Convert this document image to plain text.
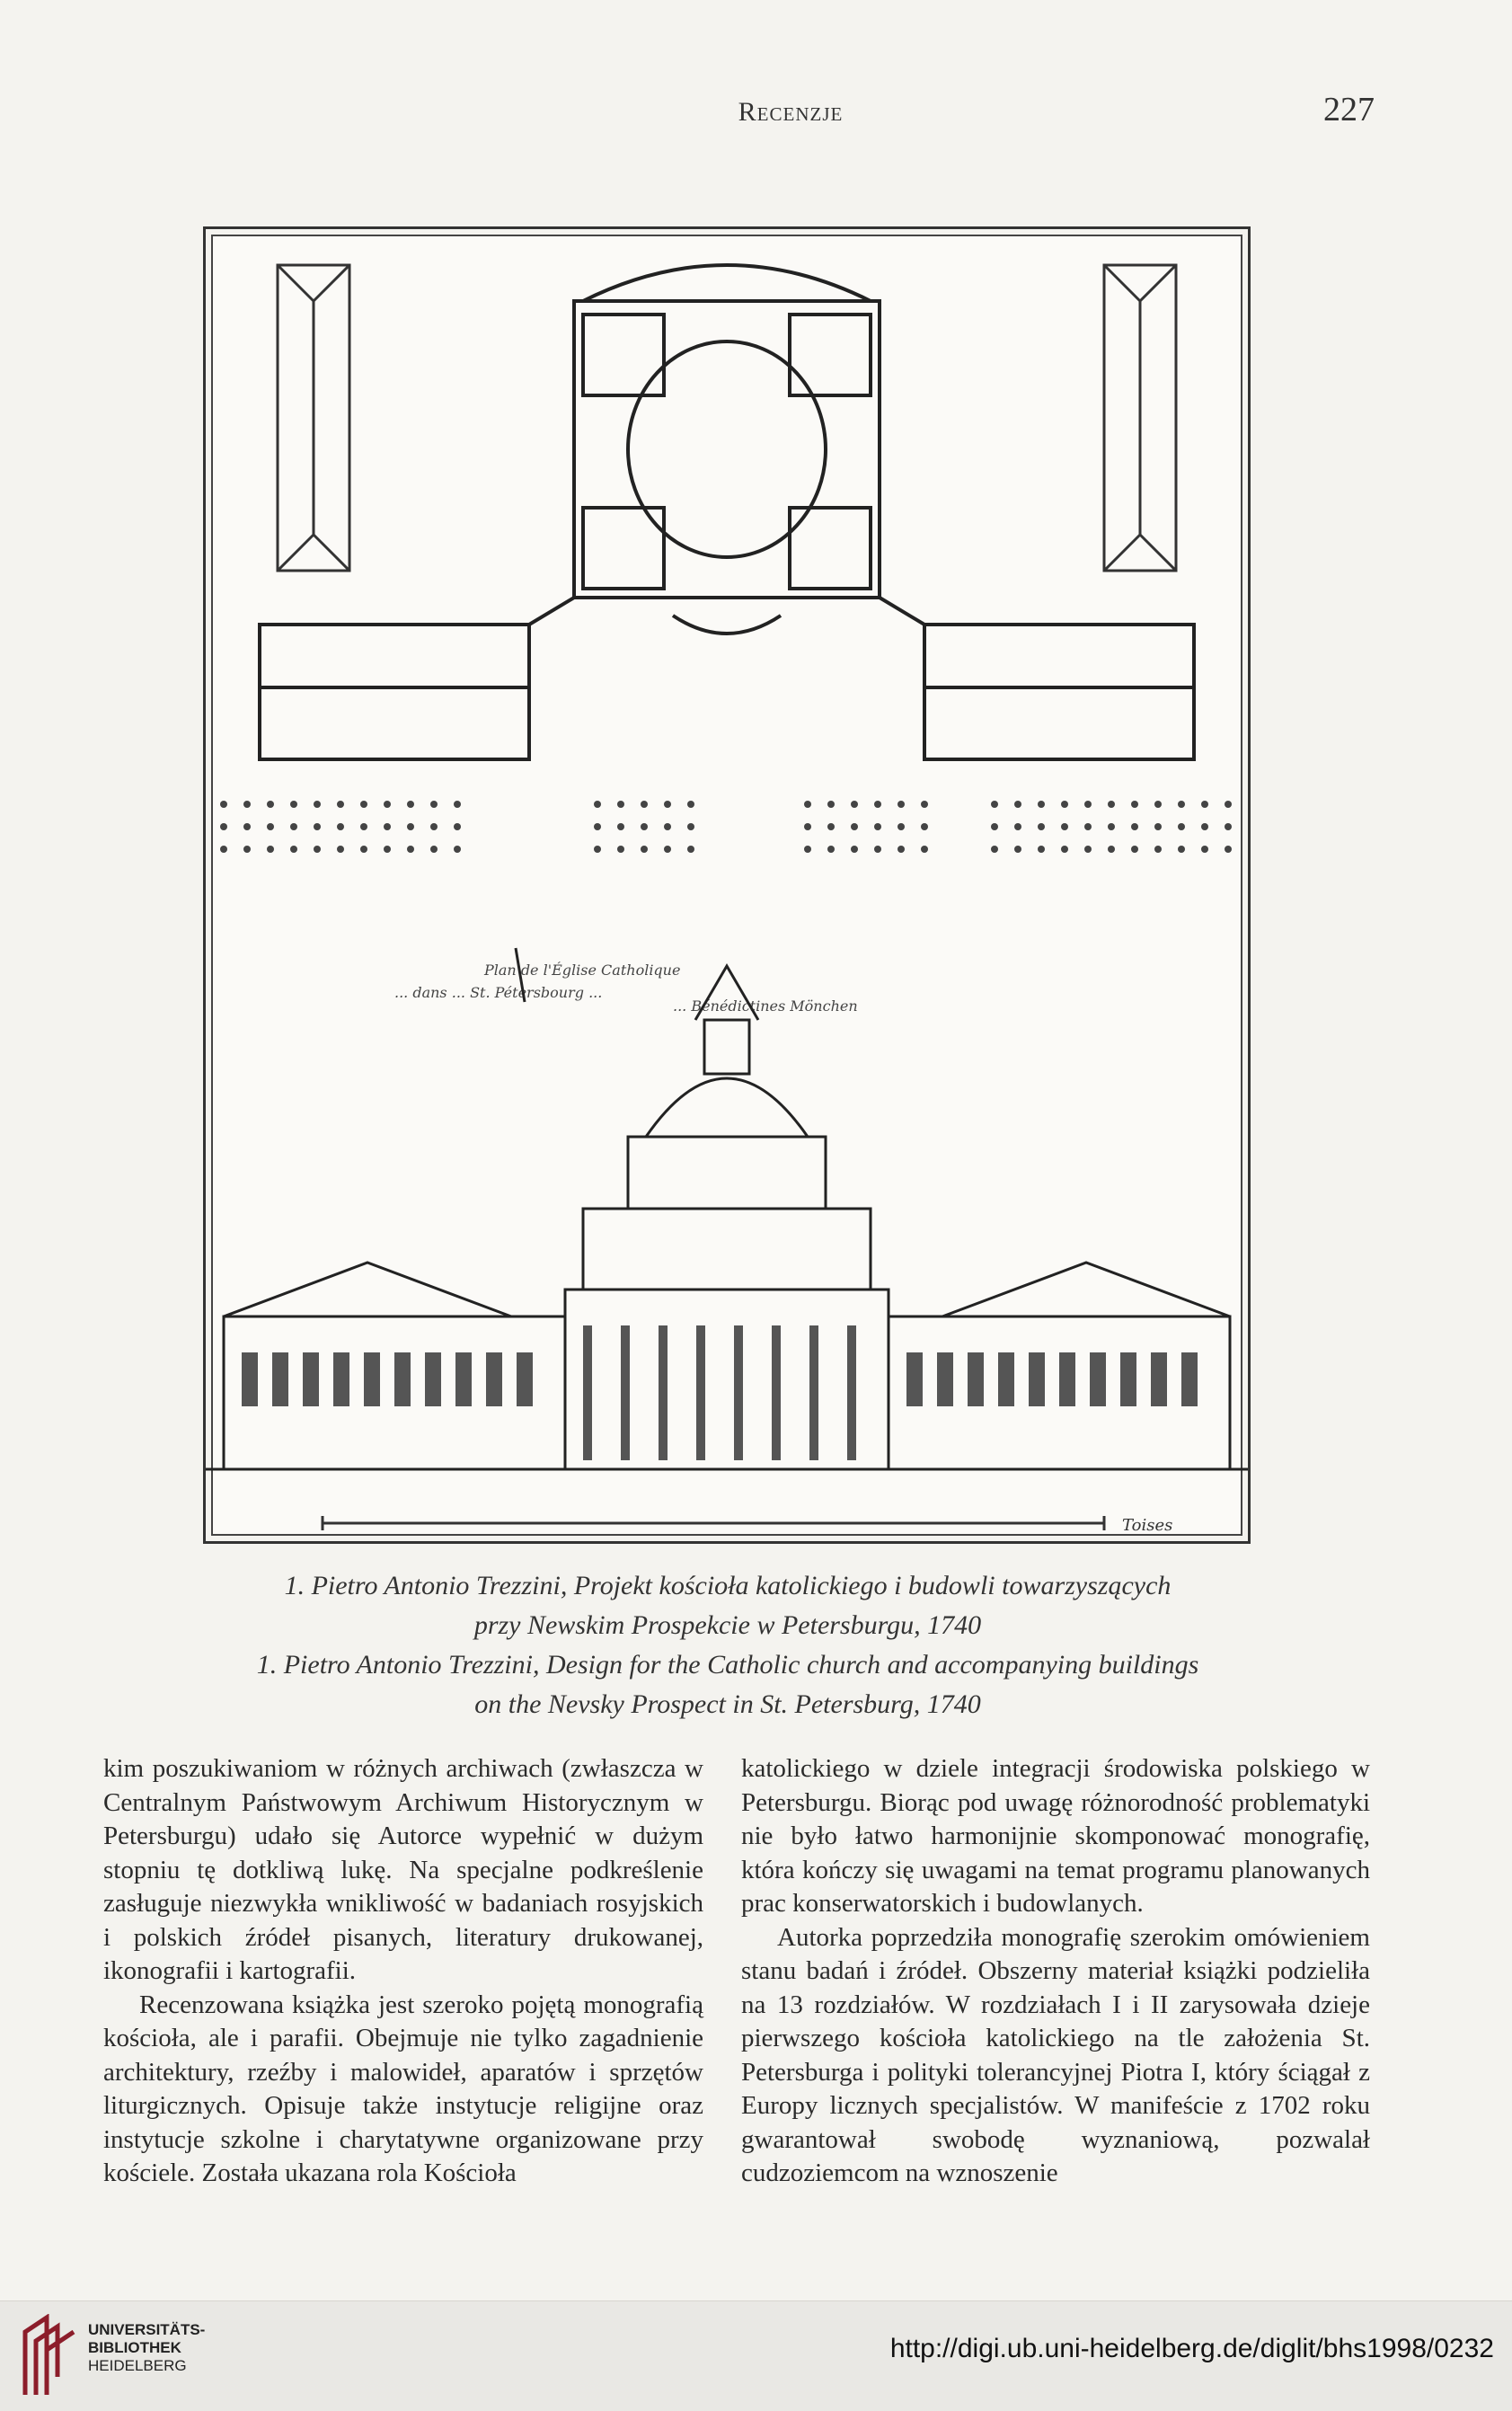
Recenzje	227
Plan de l'Église Catholique
... dans ... St. Pétersbourg ...
... Bénédictines Mönchen
Toises
1. Pietro Antonio Trezzini, Projekt kościoła katolickiego i budowli towarzyszących
przy Newskim Prospekcie w Petersburgu, 1740
1. Pietro Antonio Trezzini, Design for the Catholic church and accompanying buildings
on the Nevsky Prospect in St. Petersburg, 1740

kim poszukiwaniom w różnych archiwach (zwłaszcza w Centralnym Państwowym Archiwum Historycznym w Petersburgu) udało się Autorce wypełnić w dużym stopniu tę dotkliwą lukę. Na specjalne podkreślenie zasługuje niezwykła wnikliwość w badaniach rosyjskich i polskich źródeł pisanych, literatury drukowanej, ikonografii i kartografii.

Recenzowana książka jest szeroko pojętą monografią kościoła, ale i parafii. Obejmuje nie tylko zagadnienie architektury, rzeźby i malowideł, aparatów i sprzętów liturgicznych. Opisuje także instytucje religijne oraz instytucje szkolne i charytatywne organizowane przy kościele. Została ukazana rola Kościoła

katolickiego w dziele integracji środowiska polskiego w Petersburgu. Biorąc pod uwagę różnorodność problematyki nie było łatwo harmonijnie skomponować monografię, która kończy się uwagami na temat programu planowanych prac konserwatorskich i budowlanych.

Autorka poprzedziła monografię szerokim omówieniem stanu badań i źródeł. Obszerny materiał książki podzieliła na 13 rozdziałów. W rozdziałach I i II zarysowała dzieje pierwszego kościoła katolickiego na tle założenia St. Petersburga i polityki tolerancyjnej Piotra I, który ściągał z Europy licznych specjalistów. W manifeście z 1702 roku gwarantował swobodę wyznaniową, pozwalał cudzoziemcom na wznoszenie

UNIVERSITÄTS-
BIBLIOTHEK
HEIDELBERG
http://digi.ub.uni-heidelberg.de/diglit/bhs1998/0232
